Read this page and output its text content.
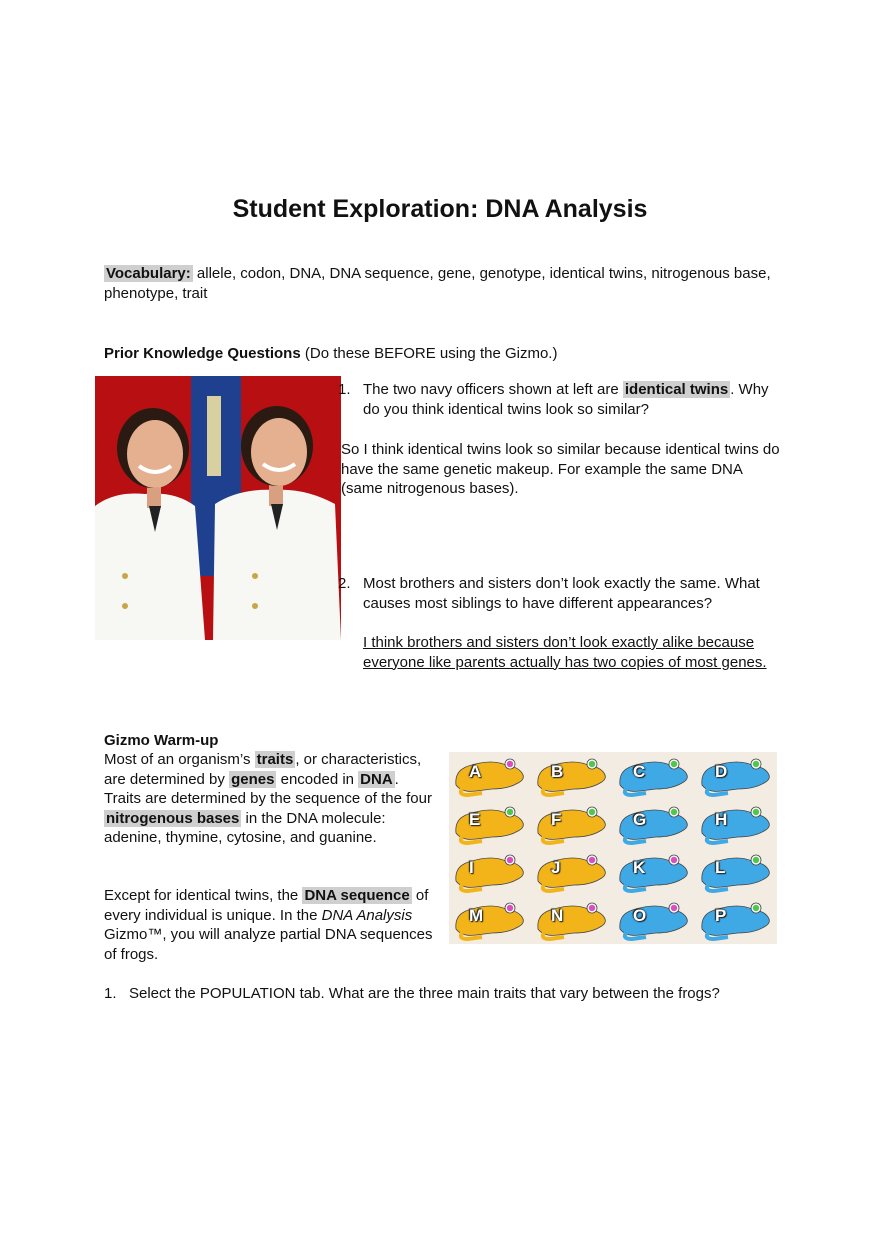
Student Exploration: DNA Analysis
Vocabulary: allele, codon, DNA, DNA sequence, gene, genotype, identical twins, nitrogenous base, phenotype, trait
Prior Knowledge Questions (Do these BEFORE using the Gizmo.)
1. The two navy officers shown at left are identical twins . Why do you think identical twins look so similar?
So I think identical twins look so similar because identical twins do have the same genetic makeup. For example the same DNA (same nitrogenous bases).
2. Most brothers and sisters don’t look exactly the same. What causes most siblings to have different appearances?
I think brothers and sisters don’t look exactly alike because everyone like parents actually has two copies of most genes.
Gizmo Warm-up
Most of an organism’s traits , or characteristics, are determined by genes encoded in DNA . Traits are determined by the sequence of the four nitrogenous bases in the DNA molecule: adenine, thymine, cytosine, and guanine.
Except for identical twins, the DNA sequence of every individual is unique. In the DNA Analysis Gizmo™, you will analyze partial DNA sequences of frogs.
A	B	C	D
E	F	G	H
I	J	K	L
M	N	O	P
1. Select the POPULATION tab. What are the three main traits that vary between the frogs?
